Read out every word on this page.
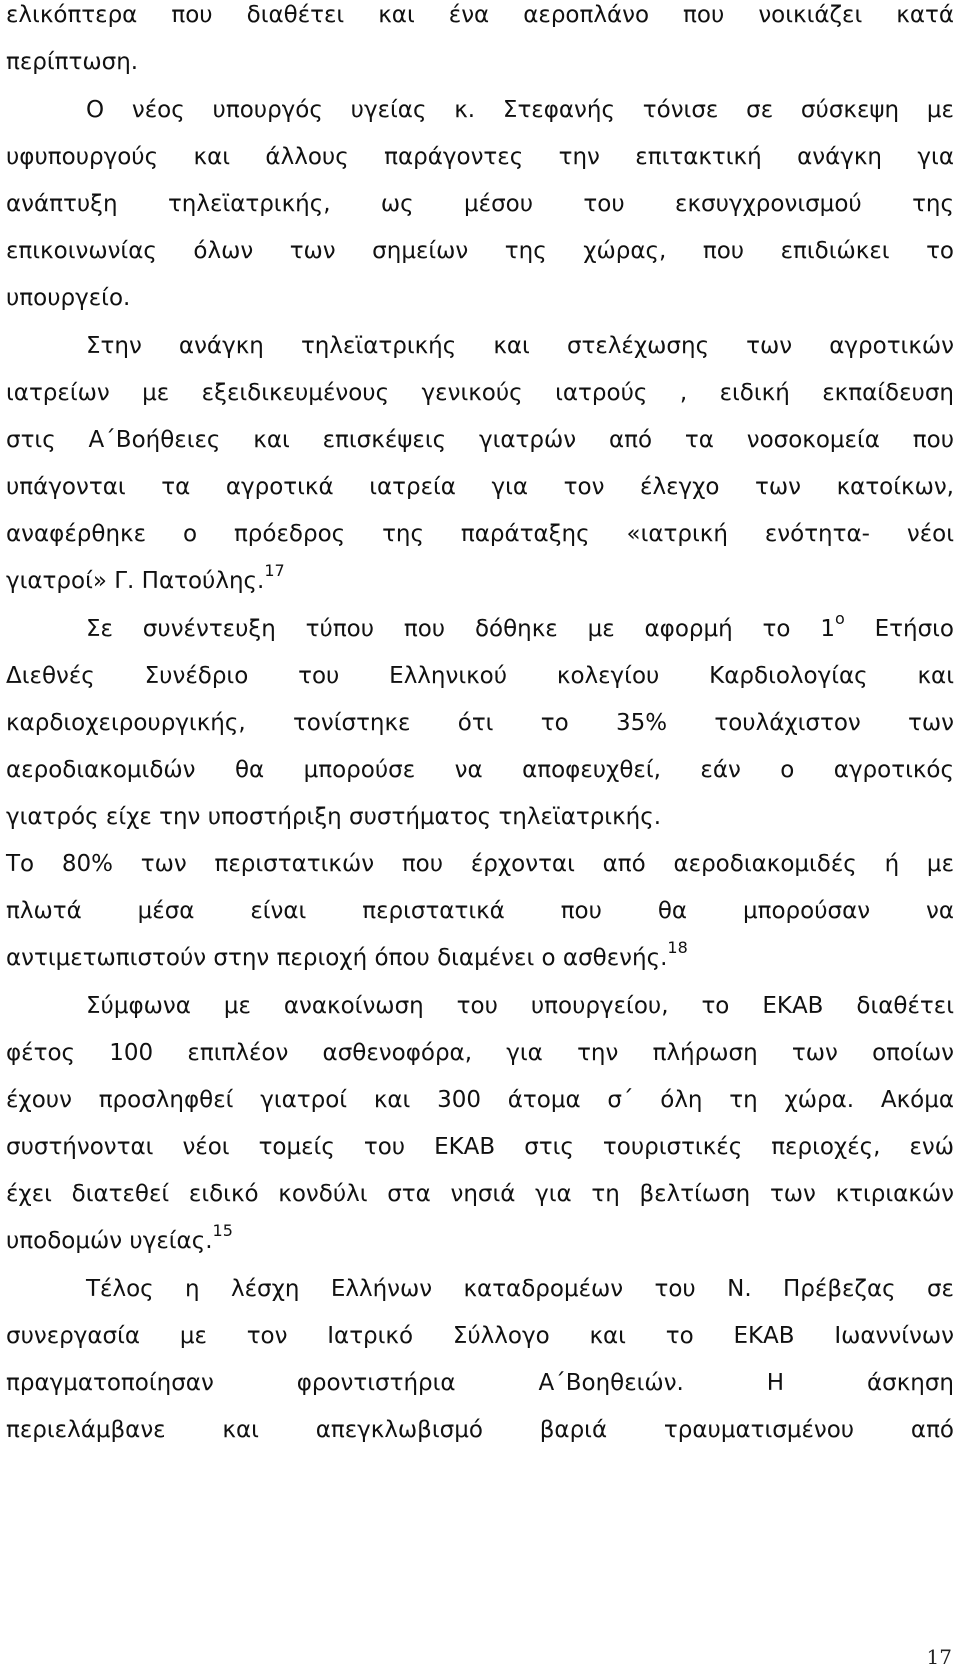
ελικόπτερα που διαθέτει και ένα αεροπλάνο που νοικιάζει κατά
περίπτωση.
Ο νέος υπουργός υγείας κ. Στεφανής τόνισε σε σύσκεψη με
υφυπουργούς και άλλους παράγοντες την επιτακτική ανάγκη για
ανάπτυξη τηλεϊατρικής, ως μέσου του εκσυγχρονισμού της
επικοινωνίας όλων των σημείων της χώρας, που επιδιώκει το
υπουργείο.
Στην ανάγκη τηλεϊατρικής και στελέχωσης των αγροτικών
ιατρείων με εξειδικευμένους γενικούς ιατρούς , ειδική εκπαίδευση
στις Α΄Βοήθειες και επισκέψεις γιατρών από τα νοσοκομεία που
υπάγονται τα αγροτικά ιατρεία για τον έλεγχο των κατοίκων,
αναφέρθηκε ο πρόεδρος της παράταξης «ιατρική ενότητα- νέοι
γιατροί» Γ. Πατούλης.$^{17}$
Σε συνέντευξη τύπου που δόθηκε με αφορμή το $1^o$ Ετήσιο
Διεθνές Συνέδριο του Ελληνικού κολεγίου Καρδιολογίας και
καρδιοχειρουργικής, τονίστηκε ότι το 35% τουλάχιστον των
αεροδιακομιδών θα μπορούσε να αποφευχθεί, εάν ο αγροτικός
γιατρός είχε την υποστήριξη συστήματος τηλεϊατρικής.
Το 80% των περιστατικών που έρχονται από αεροδιακομιδές ή με
πλωτά μέσα είναι περιστατικά που θα μπορούσαν να
αντιμετωπιστούν στην περιοχή όπου διαμένει ο ασθενής.$^{18}$
Σύμφωνα με ανακοίνωση του υπουργείου, το ΕΚΑΒ διαθέτει
φέτος 100 επιπλέον ασθενοφόρα, για την πλήρωση των οποίων
έχουν προσληφθεί γιατροί και 300 άτομα σ΄ όλη τη χώρα. Ακόμα
συστήνονται νέοι τομείς του ΕΚΑΒ στις τουριστικές περιοχές, ενώ
έχει διατεθεί ειδικό κονδύλι στα νησιά για τη βελτίωση των κτιριακών
υποδομών υγείας.$^{15}$
Τέλος η λέσχη Ελλήνων καταδρομέων του Ν. Πρέβεζας σε
συνεργασία με τον Ιατρικό Σύλλογο και το ΕΚΑΒ Ιωαννίνων
πραγματοποίησαν φροντιστήρια Α΄Βοηθειών. Η άσκηση
περιελάμβανε και απεγκλωβισμό βαριά τραυματισμένου από
17
